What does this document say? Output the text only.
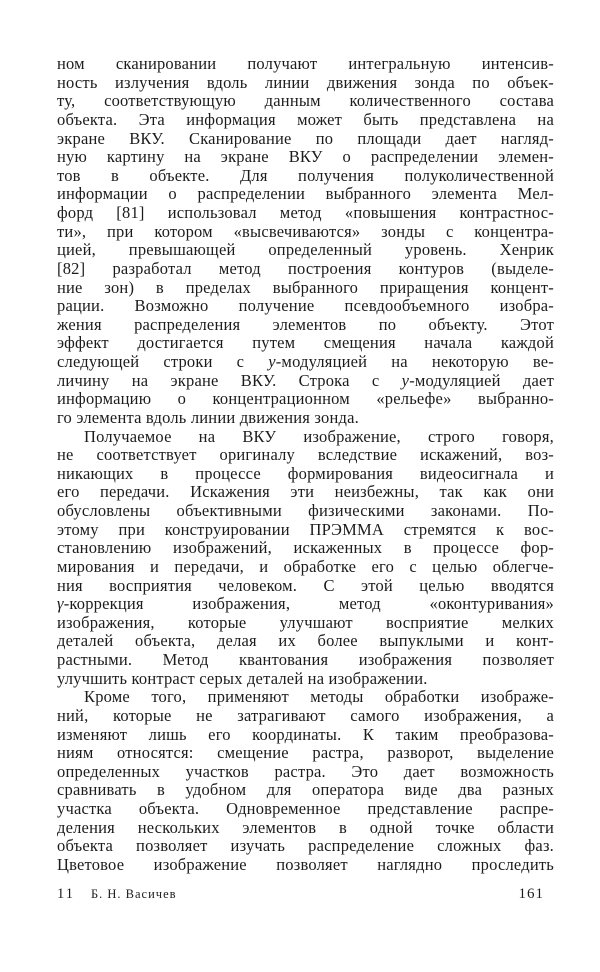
ном сканировании получают интегральную интенсив-
ность излучения вдоль линии движения зонда по объек-
ту, соответствующую данным количественного состава
объекта. Эта информация может быть представлена на
экране ВКУ. Сканирование по площади дает нагляд-
ную картину на экране ВКУ о распределении элемен-
тов в объекте. Для получения полуколичественной
информации о распределении выбранного элемента Мел-
форд [81] использовал метод «повышения контрастнос-
ти», при котором «высвечиваются» зонды с концентра-
цией, превышающей определенный уровень. Хенрик
[82] разработал метод построения контуров (выделе-
ние зон) в пределах выбранного приращения концент-
рации. Возможно получение псевдообъемного изобра-
жения распределения элементов по объекту. Этот
эффект достигается путем смещения начала каждой
следующей строки с y-модуляцией на некоторую ве-
личину на экране ВКУ. Строка с y-модуляцией дает
информацию о концентрационном «рельефе» выбранно-
го элемента вдоль линии движения зонда.
Получаемое на ВКУ изображение, строго говоря,
не соответствует оригиналу вследствие искажений, воз-
никающих в процессе формирования видеосигнала и
его передачи. Искажения эти неизбежны, так как они
обусловлены объективными физическими законами. По-
этому при конструировании ПРЭММА стремятся к вос-
становлению изображений, искаженных в процессе фор-
мирования и передачи, и обработке его с целью облегче-
ния восприятия человеком. С этой целью вводятся
γ-коррекция изображения, метод «оконтуривания»
изображения, которые улучшают восприятие мелких
деталей объекта, делая их более выпуклыми и конт-
растными. Метод квантования изображения позволяет
улучшить контраст серых деталей на изображении.
Кроме того, применяют методы обработки изображе-
ний, которые не затрагивают самого изображения, а
изменяют лишь его координаты. К таким преобразова-
ниям относятся: смещение растра, разворот, выделение
определенных участков растра. Это дает возможность
сравнивать в удобном для оператора виде два разных
участка объекта. Одновременное представление распре-
деления нескольких элементов в одной точке области
объекта позволяет изучать распределение сложных фаз.
Цветовое изображение позволяет наглядно проследить
11 Б. Н. Васичев	161
